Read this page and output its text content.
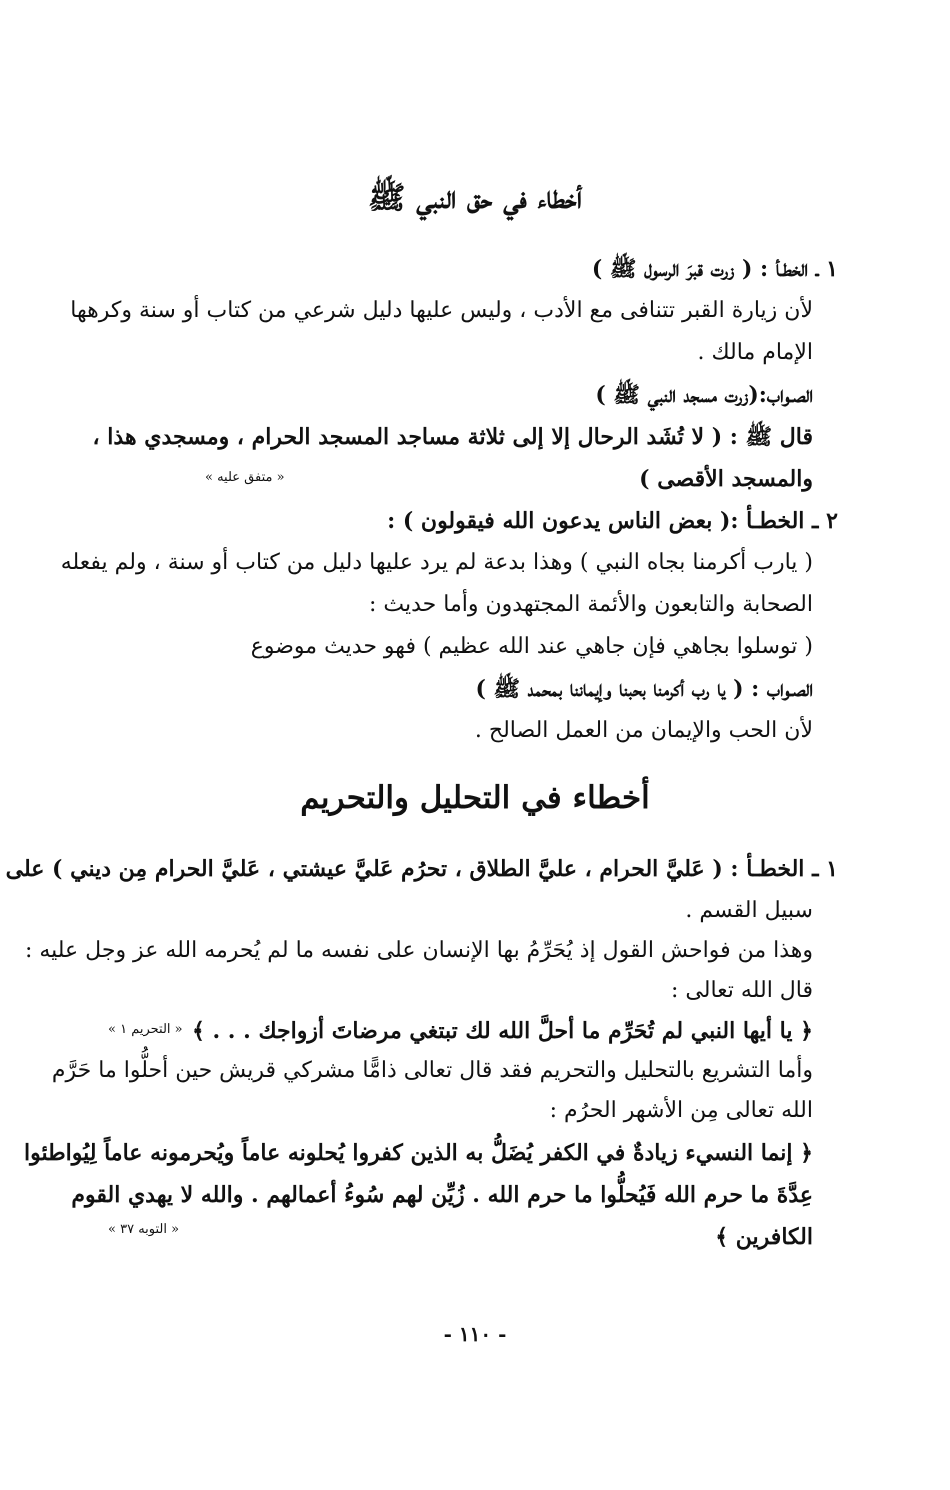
أخطاء في حق النبي ﷺ
١ ـ الخطـأ : ( زرت قبرَ الرسول ﷺ )
لأن زيارة القبر تتنافى مع الأدب ، وليس عليها دليل شرعي من كتاب أو سنة وكرهها
الإمام مالك .
الصـواب:(زرت مسجد النبي ﷺ )
قال ﷺ : ( لا تُشَد الرحال إلا إلى ثلاثة مساجد المسجد الحرام ، ومسجدي هذا ،
والمسجد الأقصى )
« متفق عليه »
٢ ـ الخطـأ :( بعض الناس يدعون الله فيقولون ) :
( يارب أكرمنا بجاه النبي ) وهذا بدعة لم يرد عليها دليل من كتاب أو سنة ، ولم يفعله
الصحابة والتابعون والأئمة المجتهدون وأما حديث :
( توسلوا بجاهي فإن جاهي عند الله عظيم ) فهو حديث موضوع
الصـواب : ( يا رب أكرمنا بحبنا وإيماننا بمحمد ﷺ )
لأن الحب والإيمان من العمل الصالح .
أخطاء في التحليل والتحريم
١ ـ الخطـأ : ( عَليَّ الحرام ، عليَّ الطلاق ، تحرُم عَليَّ عيشتي ، عَليَّ الحرام مِن ديني ) على
سبيل القسم .
وهذا من فواحش القول إذ يُحَرِّمُ بها الإنسان على نفسه ما لم يُحرمه الله عز وجل عليه :
قال الله تعالى :
﴿ يا أيها النبي لم تُحَرِّم ما أحلَّ الله لك تبتغي مرضاتَ أزواجك . . . ﴾
« التحريم ١ »
وأما التشريع بالتحليل والتحريم فقد قال تعالى ذامًّا مشركي قريش حين أحلُّوا ما حَرَّم
الله تعالى مِن الأشهر الحرُم :
﴿ إنما النسيء زيادةٌ في الكفر يُضَلُّ به الذين كفروا يُحلونه عاماً ويُحرمونه عاماً لِيُواطئوا
عِدَّةَ ما حرم الله فَيُحلُّوا ما حرم الله . زُيِّن لهم سُوءُ أعمالهم . والله لا يهدي القوم
الكافرين ﴾
« التوبه ٣٧ »
- ١١٠ -
